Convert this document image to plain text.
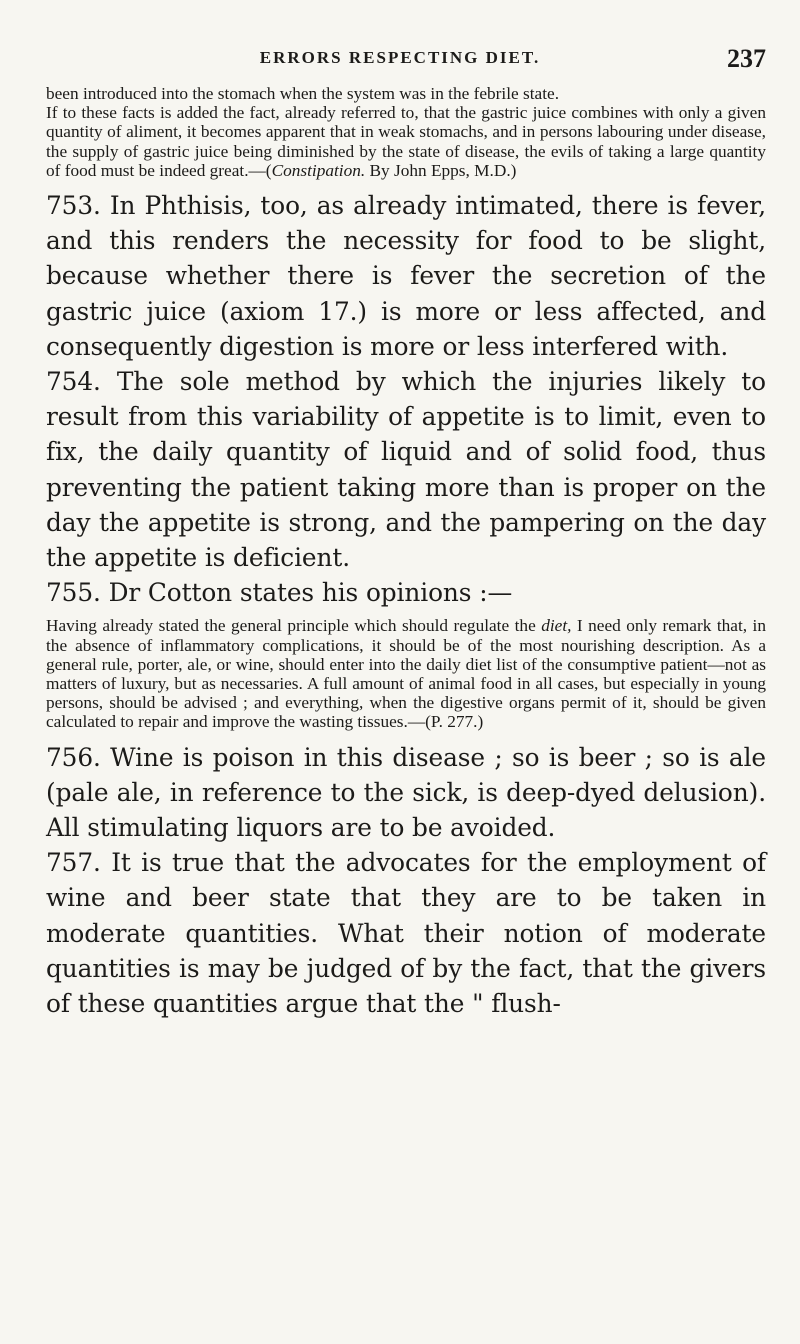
ERRORS RESPECTING DIET.	237

been introduced into the stomach when the system was in the febrile state.

If to these facts is added the fact, already referred to, that the gastric juice combines with only a given quantity of aliment, it becomes apparent that in weak stomachs, and in persons labouring under disease, the supply of gastric juice being diminished by the state of disease, the evils of taking a large quantity of food must be indeed great.—(Constipation. By John Epps, M.D.)

753. In Phthisis, too, as already intimated, there is fever, and this renders the necessity for food to be slight, because whether there is fever the secretion of the gastric juice (axiom 17.) is more or less affected, and consequently digestion is more or less interfered with.

754. The sole method by which the injuries likely to result from this variability of appetite is to limit, even to fix, the daily quantity of liquid and of solid food, thus preventing the patient taking more than is proper on the day the appetite is strong, and the pampering on the day the appetite is deficient.

755. Dr Cotton states his opinions :—

Having already stated the general principle which should regulate the diet, I need only remark that, in the absence of inflammatory complications, it should be of the most nourishing description. As a general rule, porter, ale, or wine, should enter into the daily diet list of the consumptive patient—not as matters of luxury, but as necessaries. A full amount of animal food in all cases, but especially in young persons, should be advised ; and everything, when the digestive organs permit of it, should be given calculated to repair and improve the wasting tissues.—(P. 277.)

756. Wine is poison in this disease ; so is beer ; so is ale (pale ale, in reference to the sick, is deep-dyed delusion). All stimulating liquors are to be avoided.

757. It is true that the advocates for the employment of wine and beer state that they are to be taken in moderate quantities. What their notion of moderate quantities is may be judged of by the fact, that the givers of these quantities argue that the " flush-
